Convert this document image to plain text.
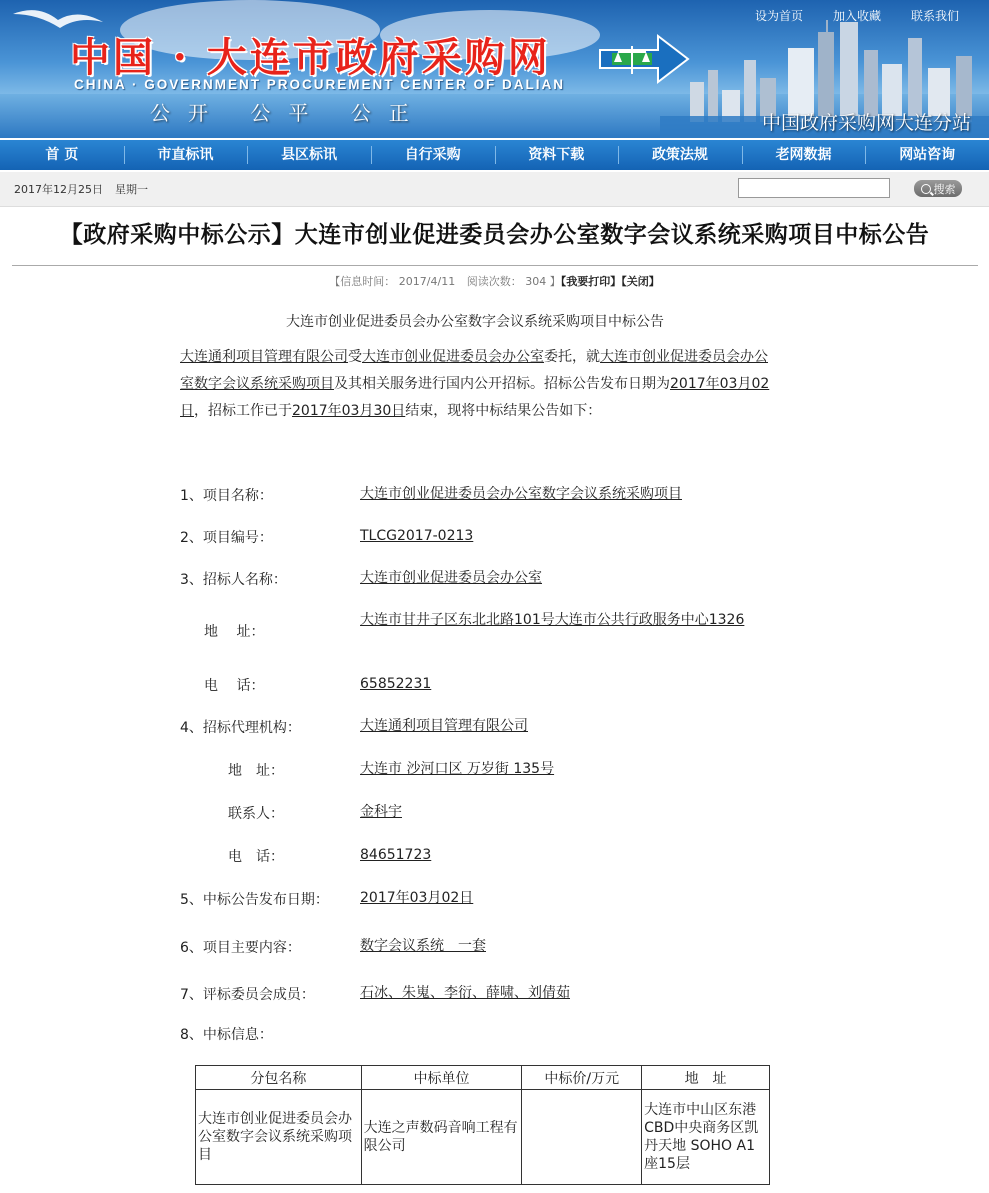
中国 · 大连市政府采购网
CHINA · GOVERNMENT PROCUREMENT CENTER OF DALIAN
公开 公平 公正	中国政府采购网大连分站
设为首页	加入收藏	联系我们
首 页	市直标讯	县区标讯	自行采购	资料下载	政策法规	老网数据	网站咨询
2017年12月25日 星期一	搜索
【政府采购中标公示】大连市创业促进委员会办公室数字会议系统采购项目中标公告
【信息时间： 2017/4/11 阅读次数： 304 】【我要打印】【关闭】
大连市创业促进委员会办公室数字会议系统采购项目中标公告
大连通利项目管理有限公司受大连市创业促进委员会办公室委托，就大连市创业促进委员会办公室数字会议系统采购项目及其相关服务进行国内公开招标。招标公告发布日期为2017年03月02日，招标工作已于2017年03月30日结束，现将中标结果公告如下：
1、项目名称：	大连市创业促进委员会办公室数字会议系统采购项目
2、项目编号：	TLCG2017-0213
3、招标人名称：	大连市创业促进委员会办公室
地　 址：
大连市甘井子区东北北路101号大连市公共行政服务中心1326
电　 话：	65852231
4、招标代理机构：	大连通利项目管理有限公司
地　址：	大连市 沙河口区 万岁街 135号
联系人：	金科宇
电　话：	84651723
5、中标公告发布日期： 2017年03月02日
6、项目主要内容：	数字会议系统　一套
7、评标委员会成员：	石冰、朱嵬、李衍、薛啸、刘倩茹
8、中标信息：
分包名称	中标单位	中标价/万元	地　址
大连市创业促进委员会办公室数字会议系统采购项目	大连之声数码音响工程有限公司		大连市中山区东港CBD中央商务区凯丹天地 SOHO A1座15层
